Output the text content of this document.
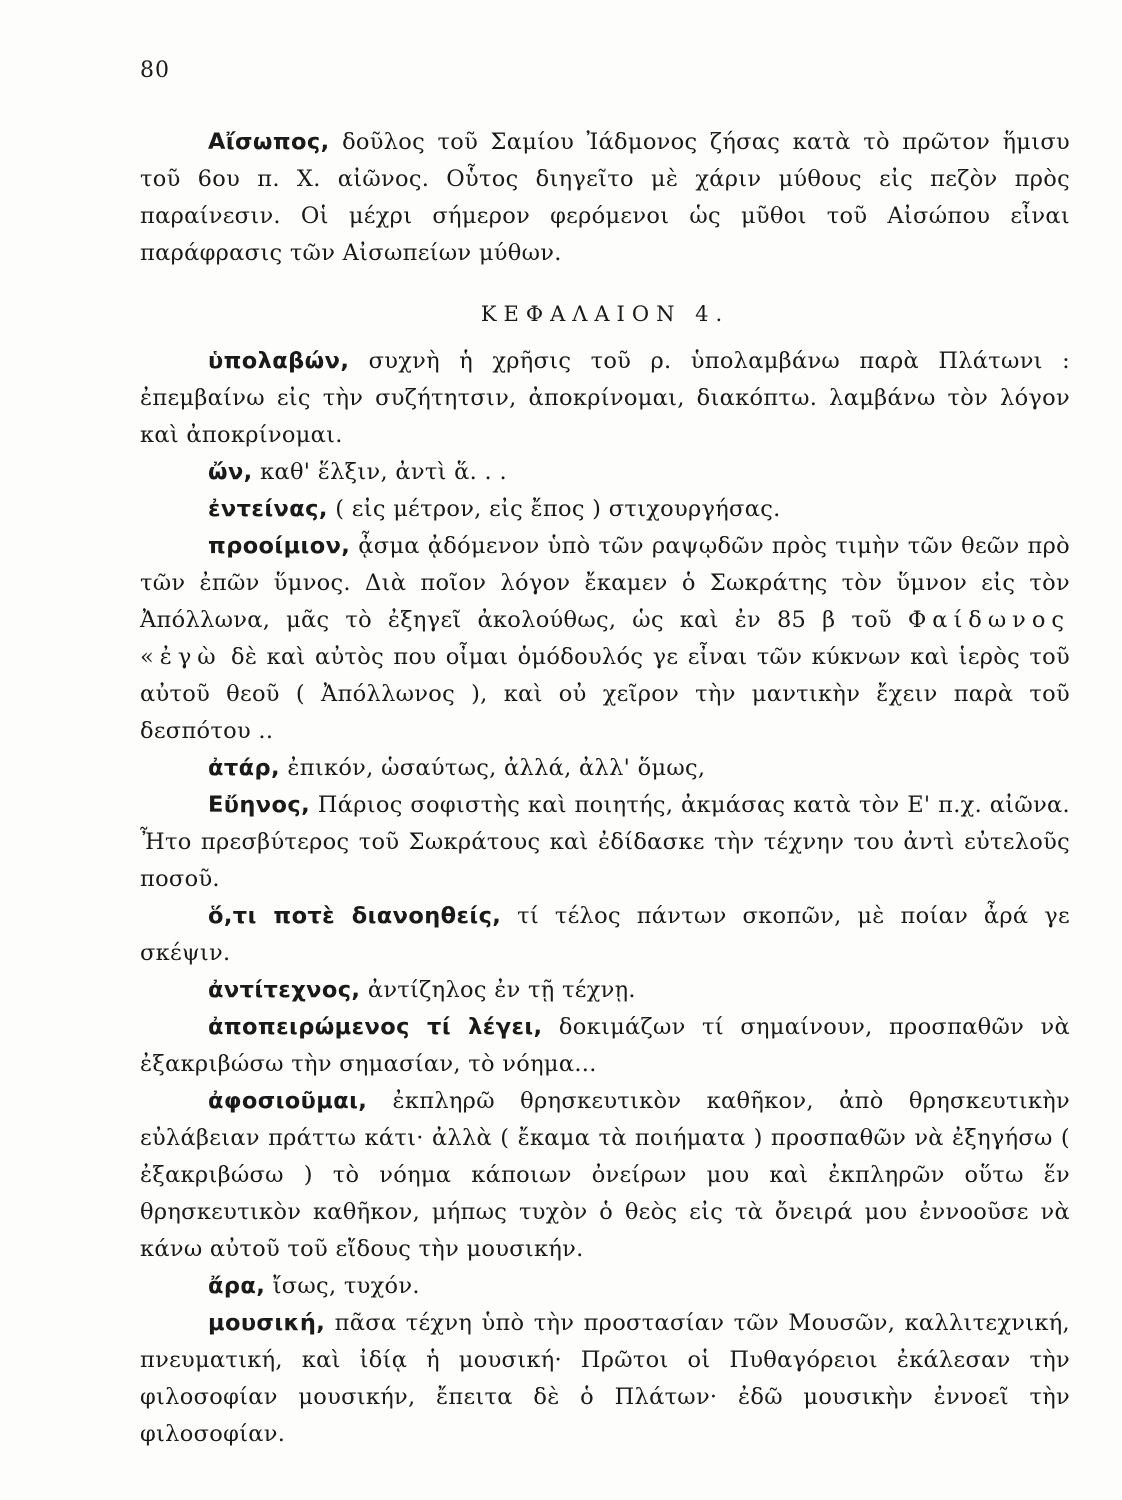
80

Αἴσωπος, δοῦλος τοῦ Σαμίου Ἰάδμονος ζήσας κατὰ τὸ πρῶτον ἥμισυ τοῦ 6ου π. Χ. αἰῶνος. Οὗτος διηγεῖτο μὲ χάριν μύθους εἰς πεζὸν πρὸς παραίνεσιν. Οἱ μέχρι σήμερον φερόμενοι ὡς μῦθοι τοῦ Αἰσώπου εἶναι παράφρασις τῶν Αἰσωπείων μύθων.

ΚΕΦΑΛΑΙΟΝ 4.

ὑπολαβών, συχνὴ ἡ χρῆσις τοῦ ρ. ὑπολαμβάνω παρὰ Πλάτωνι : ἐπεμβαίνω εἰς τὴν συζήτητσιν, ἀποκρίνομαι, διακόπτω. λαμβάνω τὸν λόγον καὶ ἀποκρίνομαι.

ὤν, καθ' ἕλξιν, ἀντὶ ἅ. . .

ἐντείνας, ( εἰς μέτρον, εἰς ἔπος ) στιχουργήσας.

προοίμιον, ᾆσμα ᾀδόμενον ὑπὸ τῶν ραψῳδῶν πρὸς τιμὴν τῶν θεῶν πρὸ τῶν ἐπῶν ὕμνος. Διὰ ποῖον λόγον ἔκαμεν ὁ Σωκράτης τὸν ὕμνον εἰς τὸν Ἀπόλλωνα, μᾶς τὸ ἐξηγεῖ ἀκολούθως, ὡς καὶ ἐν 85 β τοῦ Φαίδωνος «ἐγὼ δὲ καὶ αὐτὸς που οἶμαι ὁμόδουλός γε εἶναι τῶν κύκνων καὶ ἱερὸς τοῦ αὐτοῦ θεοῦ ( Ἀπόλλωνος ), καὶ οὐ χεῖρον τὴν μαντικὴν ἔχειν παρὰ τοῦ δεσπότου ..

ἀτάρ, ἐπικόν, ὡσαύτως, ἀλλά, ἀλλ' ὅμως,

Εὔηνος, Πάριος σοφιστὴς καὶ ποιητής, ἀκμάσας κατὰ τὸν Ε' π.χ. αἰῶνα. Ἦτο πρεσβύτερος τοῦ Σωκράτους καὶ ἐδίδασκε τὴν τέχνην του ἀντὶ εὐτελοῦς ποσοῦ.

ὅ,τι ποτὲ διανοηθείς, τί τέλος πάντων σκοπῶν, μὲ ποίαν ἆρά γε σκέψιν.

ἀντίτεχνος, ἀντίζηλος ἐν τῇ τέχνῃ.

ἀποπειρώμενος τί λέγει, δοκιμάζων τί σημαίνουν, προσπαθῶν νὰ ἐξακριβώσω τὴν σημασίαν, τὸ νόημα...

ἀφοσιοῦμαι, ἐκπληρῶ θρησκευτικὸν καθῆκον, ἀπὸ θρησκευτικὴν εὐλάβειαν πράττω κάτι· ἀλλὰ ( ἔκαμα τὰ ποιήματα ) προσπαθῶν νὰ ἐξηγήσω ( ἐξακριβώσω ) τὸ νόημα κάποιων ὀνείρων μου καὶ ἐκπληρῶν οὕτω ἕν θρησκευτικὸν καθῆκον, μήπως τυχὸν ὁ θεὸς εἰς τὰ ὄνειρά μου ἐννοοῦσε νὰ κάνω αὐτοῦ τοῦ εἴδους τὴν μουσικήν.

ἄρα, ἴσως, τυχόν.

μουσική, πᾶσα τέχνη ὑπὸ τὴν προστασίαν τῶν Μουσῶν, καλλιτεχνική, πνευματική, καὶ ἰδίᾳ ἡ μουσική· Πρῶτοι οἱ Πυθαγόρειοι ἐκάλεσαν τὴν φιλοσοφίαν μουσικήν, ἔπειτα δὲ ὁ Πλάτων· ἐδῶ μουσικὴν ἐννοεῖ τὴν φιλοσοφίαν.
